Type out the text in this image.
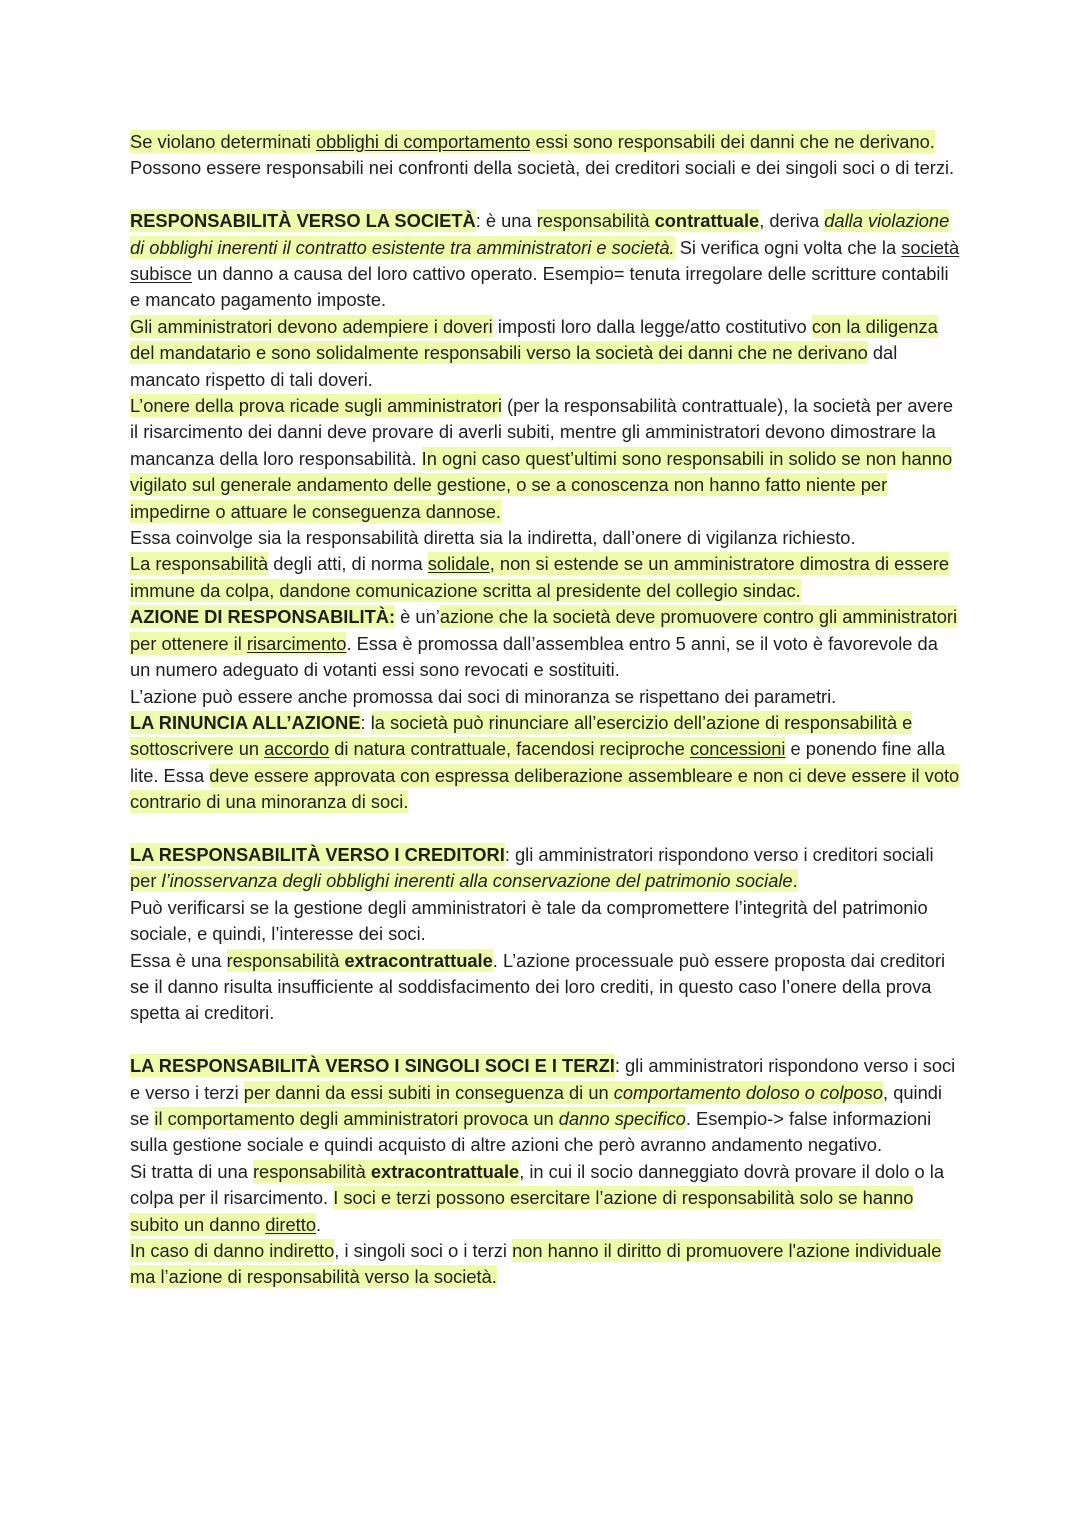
Se violano determinati obblighi di comportamento essi sono responsabili dei danni che ne derivano. Possono essere responsabili nei confronti della società, dei creditori sociali e dei singoli soci o di terzi.

RESPONSABILITÀ VERSO LA SOCIETÀ: è una responsabilità contrattuale, deriva dalla violazione di obblighi inerenti il contratto esistente tra amministratori e società. Si verifica ogni volta che la società subisce un danno a causa del loro cattivo operato. Esempio= tenuta irregolare delle scritture contabili e mancato pagamento imposte.

Gli amministratori devono adempiere i doveri imposti loro dalla legge/atto costitutivo con la diligenza del mandatario e sono solidalmente responsabili verso la società dei danni che ne derivano dal mancato rispetto di tali doveri.

L’onere della prova ricade sugli amministratori (per la responsabilità contrattuale), la società per avere il risarcimento dei danni deve provare di averli subiti, mentre gli amministratori devono dimostrare la mancanza della loro responsabilità. In ogni caso quest’ultimi sono responsabili in solido se non hanno vigilato sul generale andamento delle gestione, o se a conoscenza non hanno fatto niente per impedirne o attuare le conseguenza dannose.

Essa coinvolge sia la responsabilità diretta sia la indiretta, dall’onere di vigilanza richiesto.

La responsabilità degli atti, di norma solidale, non si estende se un amministratore dimostra di essere immune da colpa, dandone comunicazione scritta al presidente del collegio sindac.

AZIONE DI RESPONSABILITÀ: è un’azione che la società deve promuovere contro gli amministratori per ottenere il risarcimento. Essa è promossa dall’assemblea entro 5 anni, se il voto è favorevole da un numero adeguato di votanti essi sono revocati e sostituiti.

L’azione può essere anche promossa dai soci di minoranza se rispettano dei parametri.

LA RINUNCIA ALL’AZIONE: la società può rinunciare all’esercizio dell’azione di responsabilità e sottoscrivere un accordo di natura contrattuale, facendosi reciproche concessioni e ponendo fine alla lite. Essa deve essere approvata con espressa deliberazione assembleare e non ci deve essere il voto contrario di una minoranza di soci.

LA RESPONSABILITÀ VERSO I CREDITORI: gli amministratori rispondono verso i creditori sociali per l’inosservanza degli obblighi inerenti alla conservazione del patrimonio sociale.

Può verificarsi se la gestione degli amministratori è tale da compromettere l’integrità del patrimonio sociale, e quindi, l’interesse dei soci.

Essa è una responsabilità extracontrattuale. L’azione processuale può essere proposta dai creditori se il danno risulta insufficiente al soddisfacimento dei loro crediti, in questo caso l’onere della prova spetta ai creditori.

LA RESPONSABILITÀ VERSO I SINGOLI SOCI E I TERZI: gli amministratori rispondono verso i soci e verso i terzi per danni da essi subiti in conseguenza di un comportamento doloso o colposo, quindi se il comportamento degli amministratori provoca un danno specifico. Esempio-> false informazioni sulla gestione sociale e quindi acquisto di altre azioni che però avranno andamento negativo.

Si tratta di una responsabilità extracontrattuale, in cui il socio danneggiato dovrà provare il dolo o la colpa per il risarcimento. I soci e terzi possono esercitare l’azione di responsabilità solo se hanno subito un danno diretto.

In caso di danno indiretto, i singoli soci o i terzi non hanno il diritto di promuovere l'azione individuale ma l’azione di responsabilità verso la società.
